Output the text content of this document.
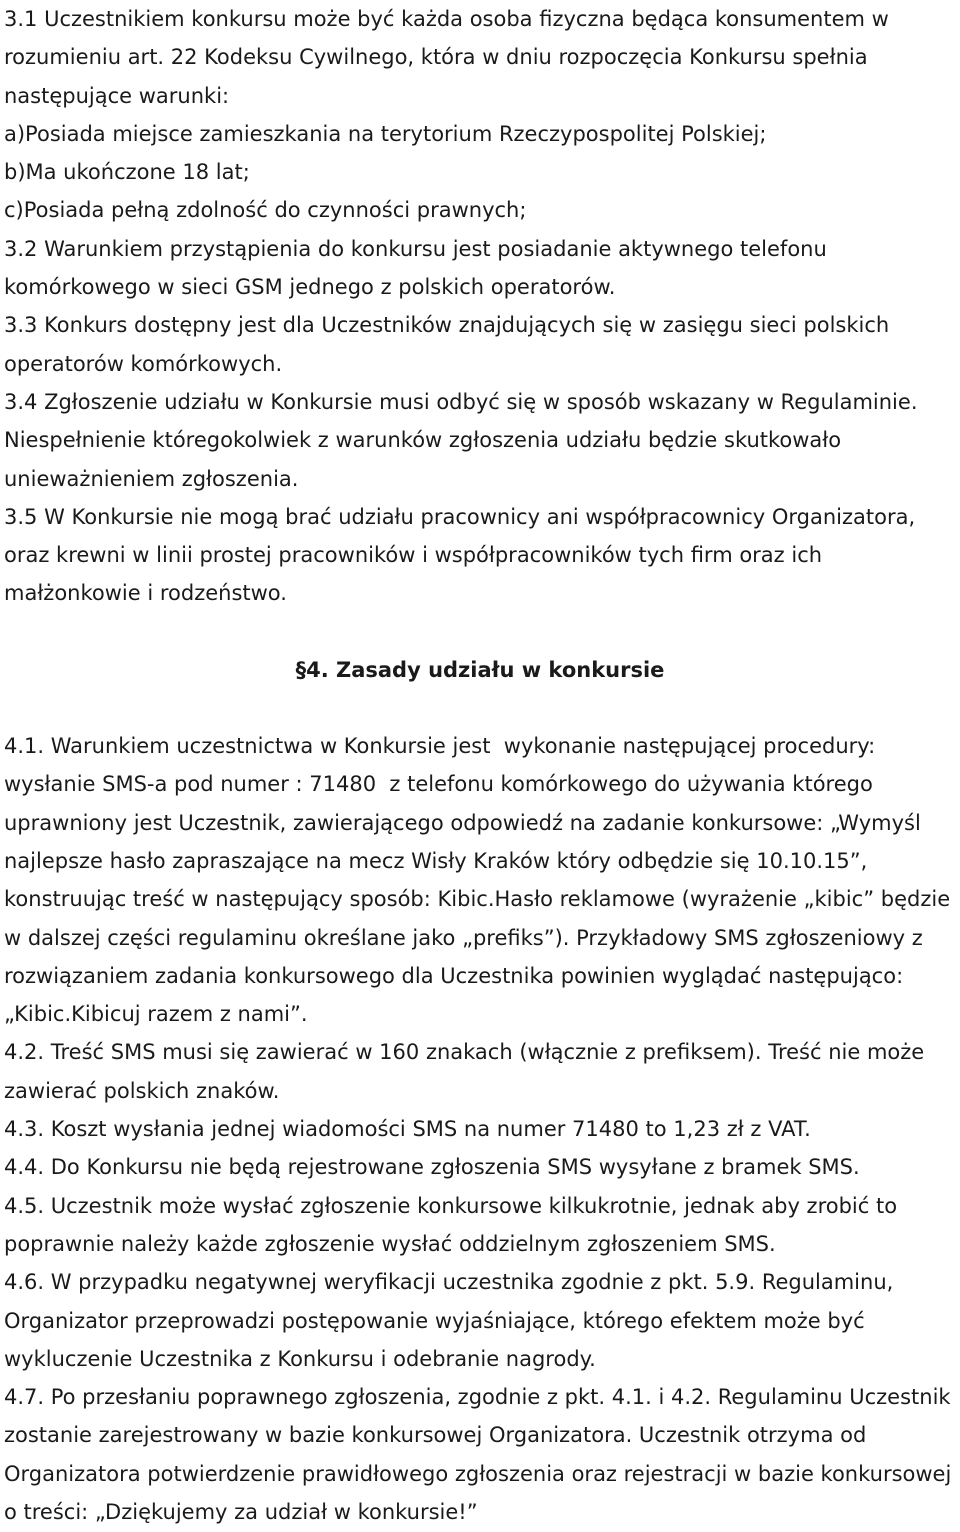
3.1 Uczestnikiem konkursu może być każda osoba fizyczna będąca konsumentem w rozumieniu art. 22 Kodeksu Cywilnego, która w dniu rozpoczęcia Konkursu spełnia następujące warunki:

a)Posiada miejsce zamieszkania na terytorium Rzeczypospolitej Polskiej;

b)Ma ukończone 18 lat;

c)Posiada pełną zdolność do czynności prawnych;

3.2 Warunkiem przystąpienia do konkursu jest posiadanie aktywnego telefonu komórkowego w sieci GSM jednego z polskich operatorów.

3.3 Konkurs dostępny jest dla Uczestników znajdujących się w zasięgu sieci polskich operatorów komórkowych.

3.4 Zgłoszenie udziału w Konkursie musi odbyć się w sposób wskazany w Regulaminie. Niespełnienie któregokolwiek z warunków zgłoszenia udziału będzie skutkowało unieważnieniem zgłoszenia.

3.5 W Konkursie nie mogą brać udziału pracownicy ani współpracownicy Organizatora, oraz krewni w linii prostej pracowników i współpracowników tych firm oraz ich małżonkowie i rodzeństwo.

§4. Zasady udziału w konkursie

4.1. Warunkiem uczestnictwa w Konkursie jest  wykonanie następującej procedury: wysłanie SMS-a pod numer : 71480  z telefonu komórkowego do używania którego uprawniony jest Uczestnik, zawierającego odpowiedź na zadanie konkursowe: „Wymyśl najlepsze hasło zapraszające na mecz Wisły Kraków który odbędzie się 10.10.15”, konstruując treść w następujący sposób: Kibic.Hasło reklamowe (wyrażenie „kibic” będzie w dalszej części regulaminu określane jako „prefiks”). Przykładowy SMS zgłoszeniowy z rozwiązaniem zadania konkursowego dla Uczestnika powinien wyglądać następująco: „Kibic.Kibicuj razem z nami”.

4.2. Treść SMS musi się zawierać w 160 znakach (włącznie z prefiksem). Treść nie może zawierać polskich znaków.

4.3. Koszt wysłania jednej wiadomości SMS na numer 71480 to 1,23 zł z VAT.

4.4. Do Konkursu nie będą rejestrowane zgłoszenia SMS wysyłane z bramek SMS.

4.5. Uczestnik może wysłać zgłoszenie konkursowe kilkukrotnie, jednak aby zrobić to poprawnie należy każde zgłoszenie wysłać oddzielnym zgłoszeniem SMS.

4.6. W przypadku negatywnej weryfikacji uczestnika zgodnie z pkt. 5.9. Regulaminu, Organizator przeprowadzi postępowanie wyjaśniające, którego efektem może być wykluczenie Uczestnika z Konkursu i odebranie nagrody.

4.7. Po przesłaniu poprawnego zgłoszenia, zgodnie z pkt. 4.1. i 4.2. Regulaminu Uczestnik zostanie zarejestrowany w bazie konkursowej Organizatora. Uczestnik otrzyma od Organizatora potwierdzenie prawidłowego zgłoszenia oraz rejestracji w bazie konkursowej o treści: „Dziękujemy za udział w konkursie!”
